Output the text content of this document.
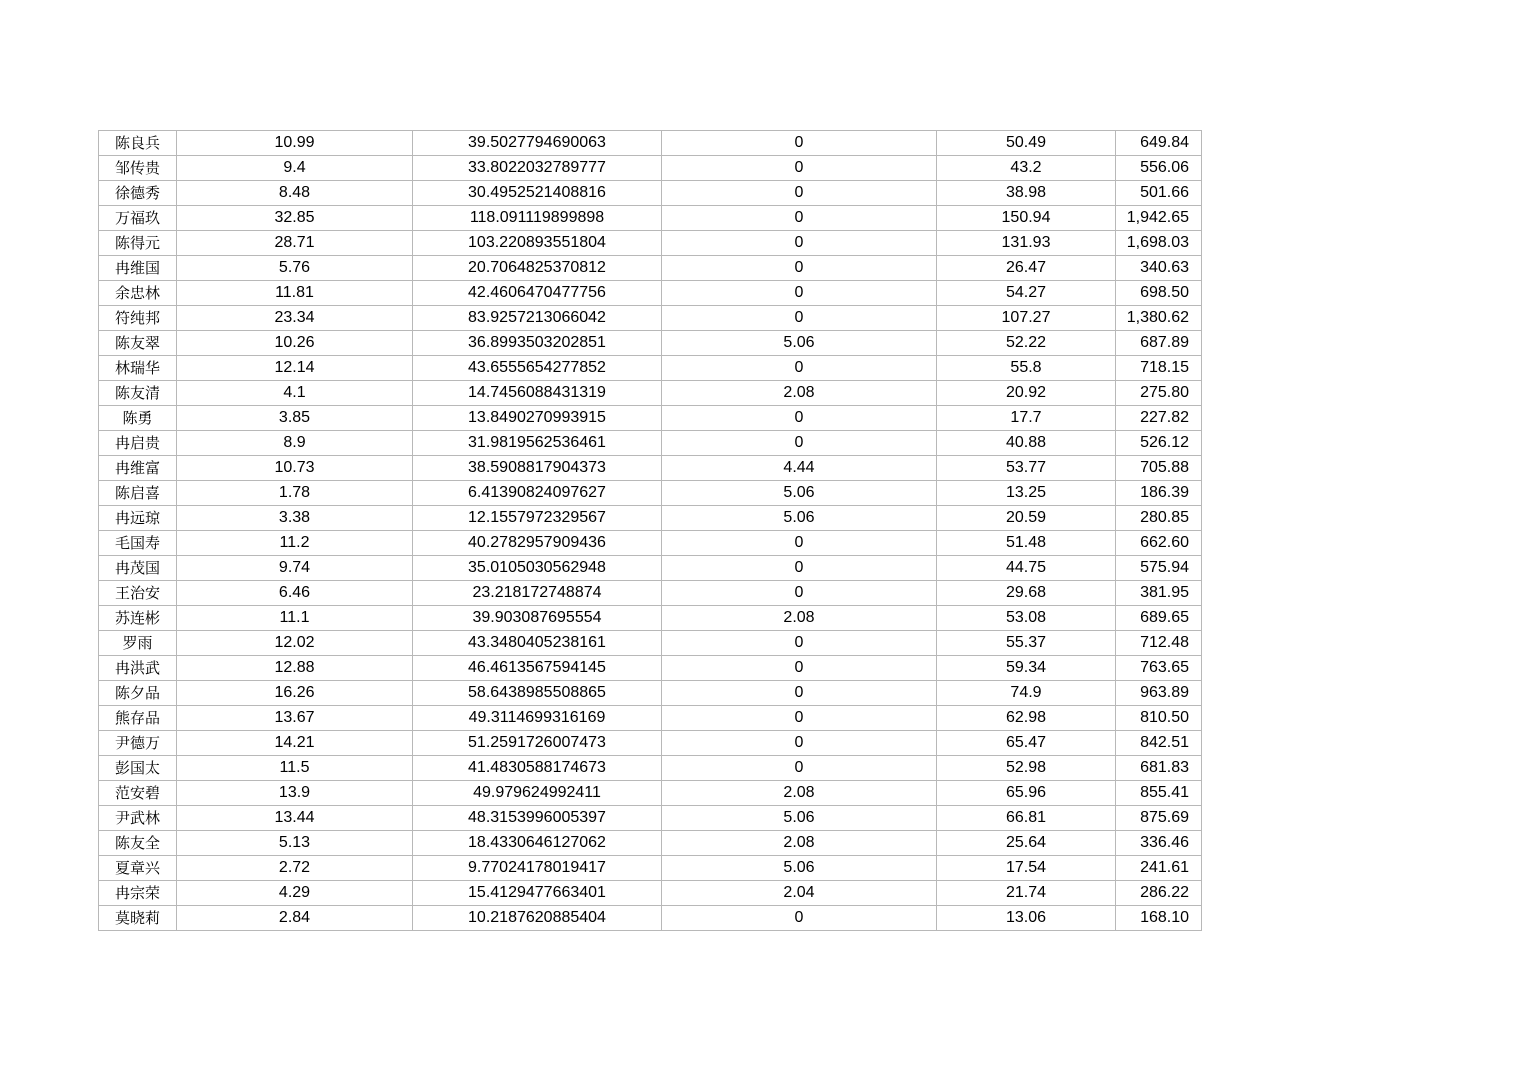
陈良兵	10.99	39.5027794690063	0	50.49	649.84
邹传贵	9.4	33.8022032789777	0	43.2	556.06
徐德秀	8.48	30.4952521408816	0	38.98	501.66
万福玖	32.85	118.091119899898	0	150.94	1,942.65
陈得元	28.71	103.220893551804	0	131.93	1,698.03
冉维国	5.76	20.7064825370812	0	26.47	340.63
余忠林	11.81	42.4606470477756	0	54.27	698.50
符纯邦	23.34	83.9257213066042	0	107.27	1,380.62
陈友翠	10.26	36.8993503202851	5.06	52.22	687.89
林瑞华	12.14	43.6555654277852	0	55.8	718.15
陈友清	4.1	14.7456088431319	2.08	20.92	275.80
陈勇	3.85	13.8490270993915	0	17.7	227.82
冉启贵	8.9	31.9819562536461	0	40.88	526.12
冉维富	10.73	38.5908817904373	4.44	53.77	705.88
陈启喜	1.78	6.41390824097627	5.06	13.25	186.39
冉远琼	3.38	12.1557972329567	5.06	20.59	280.85
毛国寿	11.2	40.2782957909436	0	51.48	662.60
冉茂国	9.74	35.0105030562948	0	44.75	575.94
王治安	6.46	23.218172748874	0	29.68	381.95
苏连彬	11.1	39.903087695554	2.08	53.08	689.65
罗雨	12.02	43.3480405238161	0	55.37	712.48
冉洪武	12.88	46.4613567594145	0	59.34	763.65
陈夕品	16.26	58.6438985508865	0	74.9	963.89
熊存品	13.67	49.3114699316169	0	62.98	810.50
尹德万	14.21	51.2591726007473	0	65.47	842.51
彭国太	11.5	41.4830588174673	0	52.98	681.83
范安碧	13.9	49.979624992411	2.08	65.96	855.41
尹武林	13.44	48.3153996005397	5.06	66.81	875.69
陈友全	5.13	18.4330646127062	2.08	25.64	336.46
夏章兴	2.72	9.77024178019417	5.06	17.54	241.61
冉宗荣	4.29	15.4129477663401	2.04	21.74	286.22
莫晓莉	2.84	10.2187620885404	0	13.06	168.10
